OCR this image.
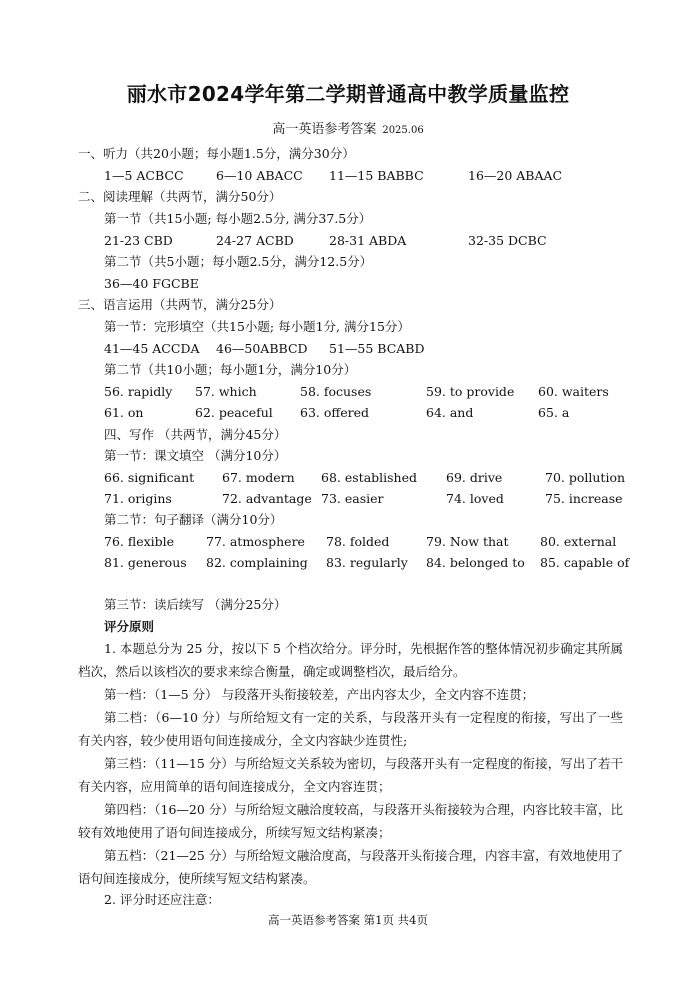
丽水市2024学年第二学期普通高中教学质量监控
高一英语参考答案 2025.06
一、听力（共20小题；每小题1.5分，满分30分）
1—5 ACBCC	6—10 ABACC 11—15 BABBC	16—20 ABAAC
二、阅读理解（共两节，满分50分）
第一节（共15小题; 每小题2.5分, 满分37.5分）
21-23 CBD	24-27 ACBD	28-31 ABDA	32-35 DCBC
第二节（共5小题；每小题2.5分，满分12.5分）
36—40 FGCBE
三、语言运用（共两节，满分25分）
第一节：完形填空（共15小题; 每小题1分, 满分15分）
41—45 ACCDA 46—50ABBCD 51—55 BCABD
第二节（共10小题；每小题1分，满分10分）
56. rapidly 57. which	58. focuses	59. to provide 60. waiters
61. on	62. peaceful 63. offered	64. and	65. a
四、写作 （共两节，满分45分）
第一节：课文填空 （满分10分）
66. significant 67. modern 68. established 69. drive	70. pollution
71. origins	72. advantage 73. easier	74. loved	75. increase
第二节：句子翻译（满分10分）
76. flexible	77. atmosphere 78. folded	79. Now that	80. external
81. generous 82. complaining 83. regularly 84. belonged to 85. capable of
第三节：读后续写 （满分25分）
评分原则
1. 本题总分为 25 分，按以下 5 个档次给分。评分时，先根据作答的整体情况初步确定其所属档次，然后以该档次的要求来综合衡量，确定或调整档次，最后给分。
第一档：（1—5 分） 与段落开头衔接较差，产出内容太少，全文内容不连贯；
第二档：（6—10 分）与所给短文有一定的关系，与段落开头有一定程度的衔接，写出了一些有关内容，较少使用语句间连接成分，全文内容缺少连贯性;
第三档：（11—15 分）与所给短文关系较为密切，与段落开头有一定程度的衔接，写出了若干有关内容，应用简单的语句间连接成分，全文内容连贯；
第四档：（16—20 分）与所给短文融洽度较高，与段落开头衔接较为合理，内容比较丰富，比较有效地使用了语句间连接成分，所续写短文结构紧凑；
第五档：（21—25 分）与所给短文融洽度高，与段落开头衔接合理，内容丰富，有效地使用了语句间连接成分，使所续写短文结构紧凑。
2. 评分时还应注意：
高一英语参考答案 第1页 共4页
